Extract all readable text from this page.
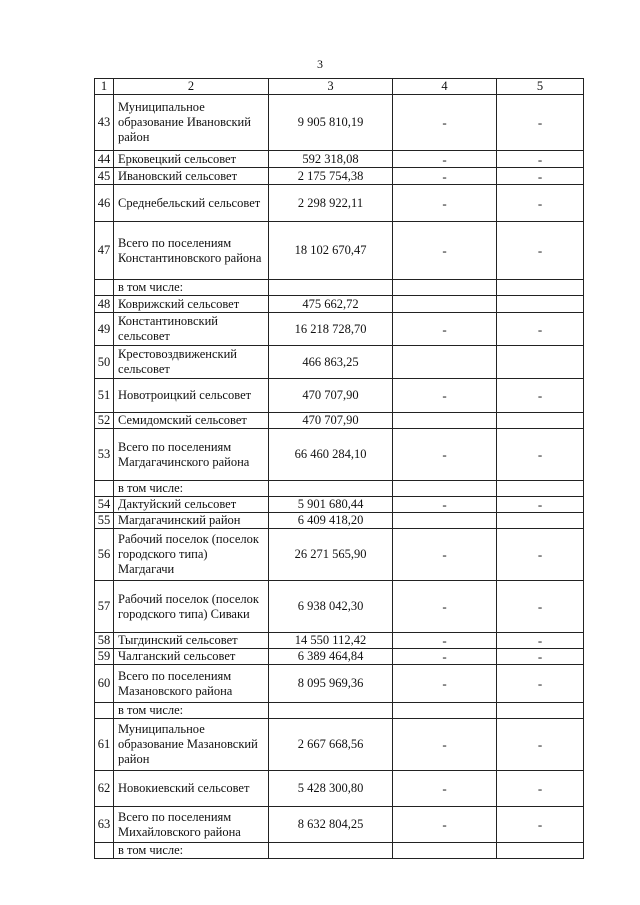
3
1	2	3	4	5
43	Муниципальное образование Ивановский район	9 905 810,19	-	-
44	Ерковецкий сельсовет	592 318,08	-	-
45	Ивановский сельсовет	2 175 754,38	-	-
46	Среднебельский сельсовет	2 298 922,11	-	-
47	Всего по поселениям Константиновского района	18 102 670,47	-	-
	в том числе:			
48	Коврижский сельсовет	475 662,72		
49	Константиновский сельсовет	16 218 728,70	-	-
50	Крестовоздвиженский сельсовет	466 863,25		
51	Новотроицкий сельсовет	470 707,90	-	-
52	Семидомский сельсовет	470 707,90		
53	Всего по поселениям Магдагачинского района	66 460 284,10	-	-
	в том числе:			
54	Дактуйский сельсовет	5 901 680,44	-	-
55	Магдагачинский район	6 409 418,20		
56	Рабочий поселок (поселок городского типа) Магдагачи	26 271 565,90	-	-
57	Рабочий поселок (поселок городского типа) Сиваки	6 938 042,30	-	-
58	Тыгдинский сельсовет	14 550 112,42	-	-
59	Чалганский сельсовет	6 389 464,84	-	-
60	Всего по поселениям Мазановского района	8 095 969,36	-	-
	в том числе:			
61	Муниципальное образование Мазановский район	2 667 668,56	-	-
62	Новокиевский сельсовет	5 428 300,80	-	-
63	Всего по поселениям Михайловского района	8 632 804,25	-	-
	в том числе:			
